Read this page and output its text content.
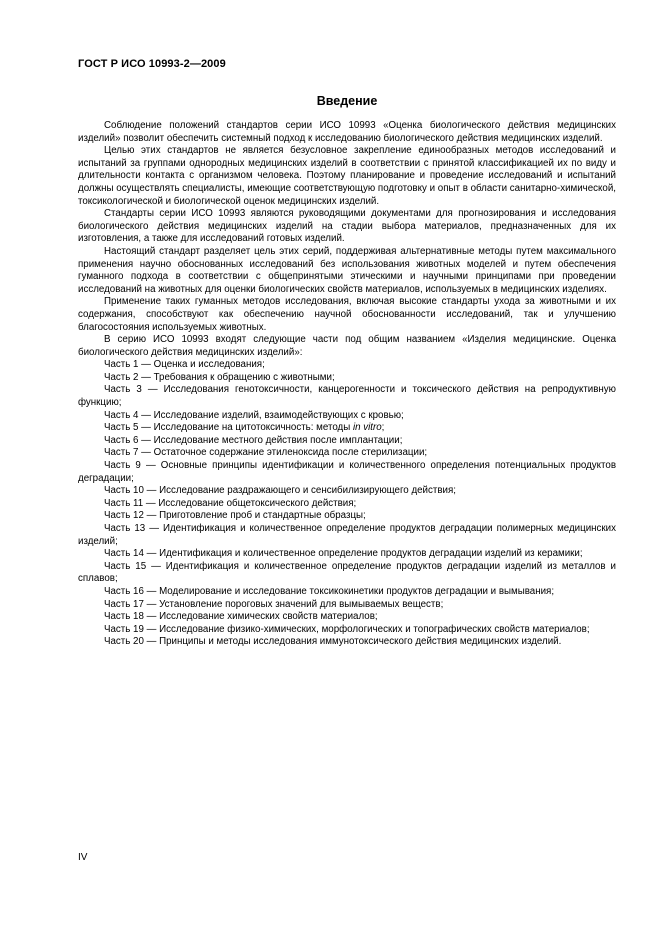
ГОСТ Р ИСО 10993-2—2009
Введение

Соблюдение положений стандартов серии ИСО 10993 «Оценка биологического действия медицинских изделий» позволит обеспечить системный подход к исследованию биологического действия медицинских изделий.

Целью этих стандартов не является безусловное закрепление единообразных методов исследований и испытаний за группами однородных медицинских изделий в соответствии с принятой классификацией их по виду и длительности контакта с организмом человека. Поэтому планирование и проведение исследований и испытаний должны осуществлять специалисты, имеющие соответствующую подготовку и опыт в области санитарно-химической, токсикологической и биологической оценок медицинских изделий.

Стандарты серии ИСО 10993 являются руководящими документами для прогнозирования и исследования биологического действия медицинских изделий на стадии выбора материалов, предназначенных для их изготовления, а также для исследований готовых изделий.

Настоящий стандарт разделяет цель этих серий, поддерживая альтернативные методы путем максимального применения научно обоснованных исследований без использования животных моделей и путем обеспечения гуманного подхода в соответствии с общепринятыми этическими и научными принципами при проведении исследований на животных для оценки биологических свойств материалов, используемых в медицинских изделиях.

Применение таких гуманных методов исследования, включая высокие стандарты ухода за животными и их содержания, способствуют как обеспечению научной обоснованности исследований, так и улучшению благосостояния используемых животных.

В серию ИСО 10993 входят следующие части под общим названием «Изделия медицинские. Оценка биологического действия медицинских изделий»:

Часть 1 — Оценка и исследования;

Часть 2 — Требования к обращению с животными;

Часть 3 — Исследования генотоксичности, канцерогенности и токсического действия на репродуктивную функцию;

Часть 4 — Исследование изделий, взаимодействующих с кровью;

Часть 5 — Исследование на цитотоксичность: методы in vitro;

Часть 6 — Исследование местного действия после имплантации;

Часть 7 — Остаточное содержание этиленоксида после стерилизации;

Часть 9 — Основные принципы идентификации и количественного определения потенциальных продуктов деградации;

Часть 10 — Исследование раздражающего и сенсибилизирующего действия;

Часть 11 — Исследование общетоксического действия;

Часть 12 — Приготовление проб и стандартные образцы;

Часть 13 — Идентификация и количественное определение продуктов деградации полимерных медицинских изделий;

Часть 14 — Идентификация и количественное определение продуктов деградации изделий из керамики;

Часть 15 — Идентификация и количественное определение продуктов деградации изделий из металлов и сплавов;

Часть 16 — Моделирование и исследование токсикокинетики продуктов деградации и вымывания;

Часть 17 — Установление пороговых значений для вымываемых веществ;

Часть 18 — Исследование химических свойств материалов;

Часть 19 — Исследование физико-химических, морфологических и топографических свойств материалов;

Часть 20 — Принципы и методы исследования иммунотоксического действия медицинских изделий.

IV
